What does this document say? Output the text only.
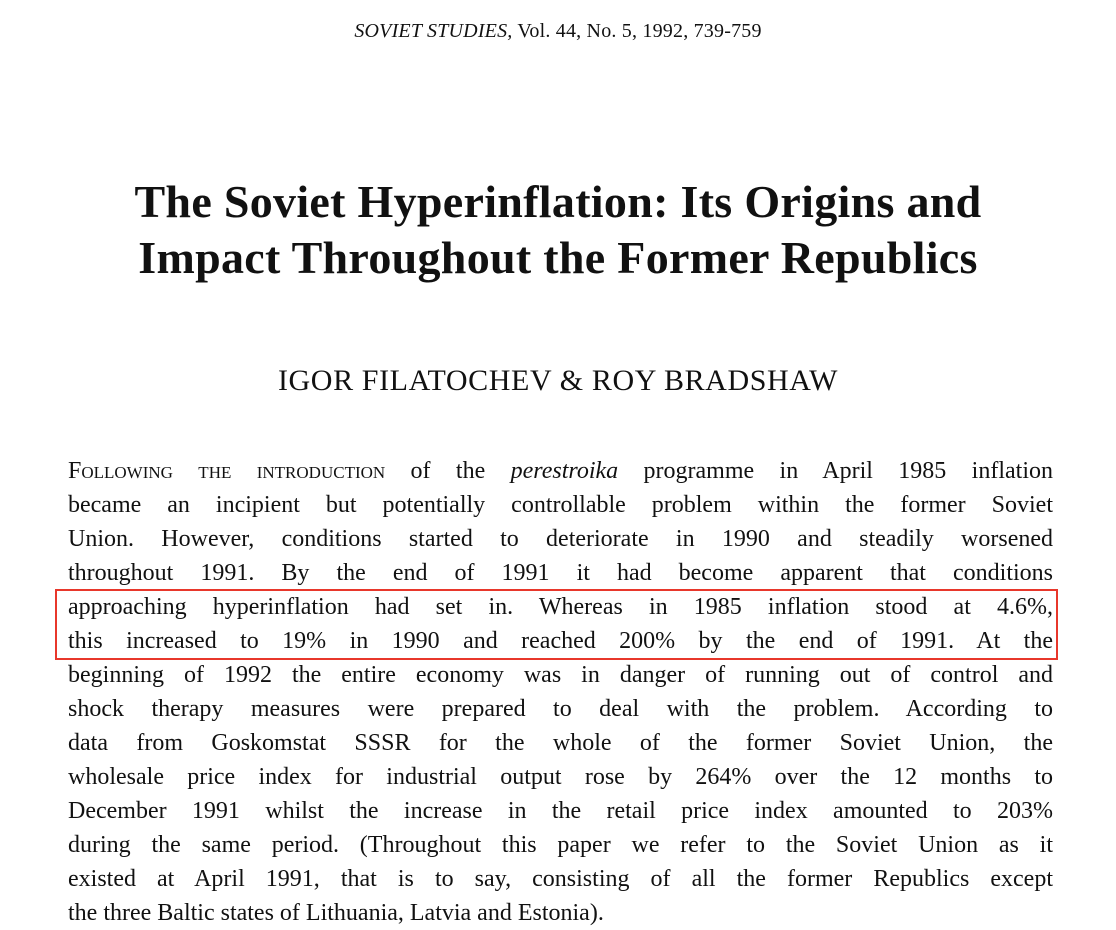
SOVIET STUDIES, Vol. 44, No. 5, 1992, 739-759
The Soviet Hyperinflation: Its Origins and
Impact Throughout the Former Republics
IGOR FILATOCHEV & ROY BRADSHAW
Following the introduction of the perestroika programme in April 1985 inflation
became an incipient but potentially controllable problem within the former Soviet
Union. However, conditions started to deteriorate in 1990 and steadily worsened
throughout 1991. By the end of 1991 it had become apparent that conditions
approaching hyperinflation had set in. Whereas in 1985 inflation stood at 4.6%,
this increased to 19% in 1990 and reached 200% by the end of 1991. At the
beginning of 1992 the entire economy was in danger of running out of control and
shock therapy measures were prepared to deal with the problem. According to
data from Goskomstat SSSR for the whole of the former Soviet Union, the
wholesale price index for industrial output rose by 264% over the 12 months to
December 1991 whilst the increase in the retail price index amounted to 203%
during the same period. (Throughout this paper we refer to the Soviet Union as it
existed at April 1991, that is to say, consisting of all the former Republics except
the three Baltic states of Lithuania, Latvia and Estonia).
